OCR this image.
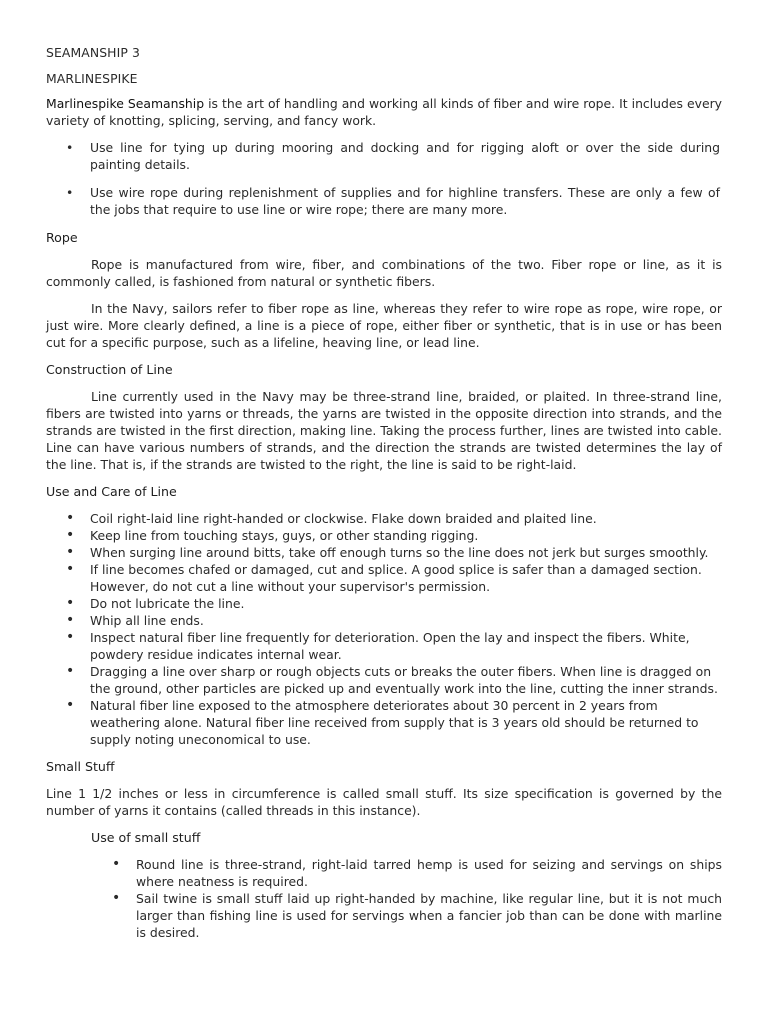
SEAMANSHIP 3
MARLINESPIKE

Marlinespike Seamanship is the art of handling and working all kinds of fiber and wire rope. It includes every variety of knotting, splicing, serving, and fancy work.

• Use line for tying up during mooring and docking and for rigging aloft or over the side during painting details.
• Use wire rope during replenishment of supplies and for highline transfers. These are only a few of the jobs that require to use line or wire rope; there are many more.
Rope

Rope is manufactured from wire, fiber, and combinations of the two. Fiber rope or line, as it is commonly called, is fashioned from natural or synthetic fibers.

In the Navy, sailors refer to fiber rope as line, whereas they refer to wire rope as rope, wire rope, or just wire. More clearly defined, a line is a piece of rope, either fiber or synthetic, that is in use or has been cut for a specific purpose, such as a lifeline, heaving line, or lead line.

Construction of Line

Line currently used in the Navy may be three-strand line, braided, or plaited. In three-strand line, fibers are twisted into yarns or threads, the yarns are twisted in the opposite direction into strands, and the strands are twisted in the first direction, making line. Taking the process further, lines are twisted into cable. Line can have various numbers of strands, and the direction the strands are twisted determines the lay of the line. That is, if the strands are twisted to the right, the line is said to be right-laid.

Use and Care of Line
• Coil right-laid line right-handed or clockwise. Flake down braided and plaited line.
• Keep line from touching stays, guys, or other standing rigging.
• When surging line around bitts, take off enough turns so the line does not jerk but surges smoothly.
• If line becomes chafed or damaged, cut and splice. A good splice is safer than a damaged section. However, do not cut a line without your supervisor's permission.
• Do not lubricate the line.
• Whip all line ends.
• Inspect natural fiber line frequently for deterioration. Open the lay and inspect the fibers. White, powdery residue indicates internal wear.
• Dragging a line over sharp or rough objects cuts or breaks the outer fibers. When line is dragged on the ground, other particles are picked up and eventually work into the line, cutting the inner strands.
• Natural fiber line exposed to the atmosphere deteriorates about 30 percent in 2 years from weathering alone. Natural fiber line received from supply that is 3 years old should be returned to supply noting uneconomical to use.
Small Stuff

Line 1 1/2 inches or less in circumference is called small stuff. Its size specification is governed by the number of yarns it contains (called threads in this instance).

Use of small stuff
• Round line is three-strand, right-laid tarred hemp is used for seizing and servings on ships where neatness is required.
• Sail twine is small stuff laid up right-handed by machine, like regular line, but it is not much larger than fishing line is used for servings when a fancier job than can be done with marline is desired.
